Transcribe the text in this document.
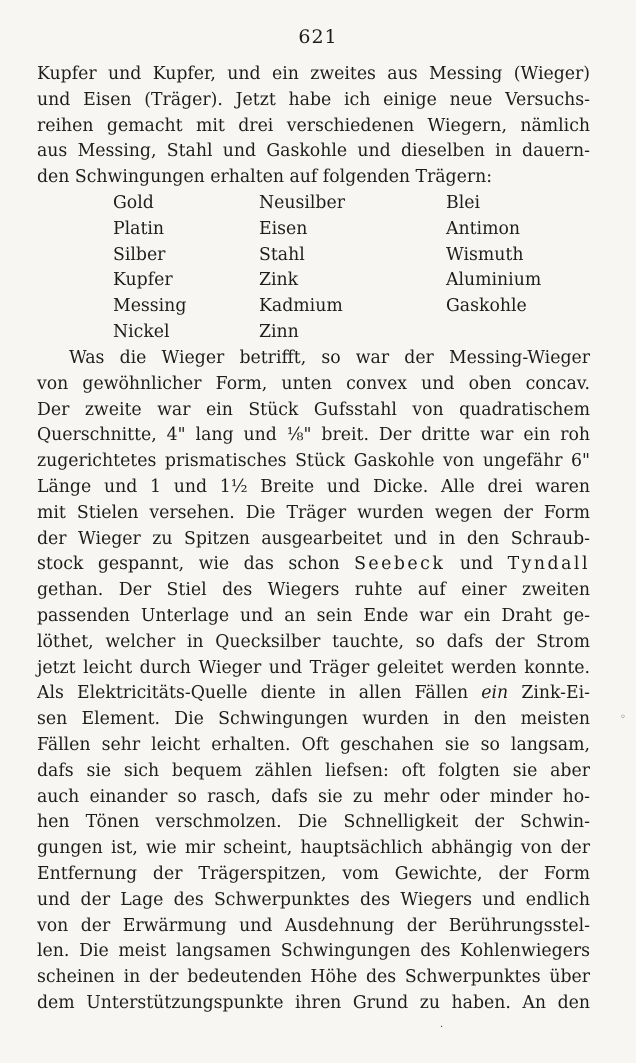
621
Kupfer und Kupfer, und ein zweites aus Messing (Wieger)
und Eisen (Träger). Jetzt habe ich einige neue Versuchs-
reihen gemacht mit drei verschiedenen Wiegern, nämlich
aus Messing, Stahl und Gaskohle und dieselben in dauern-
den Schwingungen erhalten auf folgenden Trägern:
Gold	Neusilber	Blei
Platin	Eisen	Antimon
Silber	Stahl	Wismuth
Kupfer	Zink	Aluminium
Messing	Kadmium	Gaskohle
Nickel	Zinn
Was die Wieger betrifft, so war der Messing-Wieger
von gewöhnlicher Form, unten convex und oben concav.
Der zweite war ein Stück Gufsstahl von quadratischem
Querschnitte, 4" lang und ⅛" breit. Der dritte war ein roh
zugerichtetes prismatisches Stück Gaskohle von ungefähr 6"
Länge und 1 und 1⅟₂ Breite und Dicke. Alle drei waren
mit Stielen versehen. Die Träger wurden wegen der Form
der Wieger zu Spitzen ausgearbeitet und in den Schraub-
stock gespannt, wie das schon Seebeck und Tyndall
gethan. Der Stiel des Wiegers ruhte auf einer zweiten
passenden Unterlage und an sein Ende war ein Draht ge-
löthet, welcher in Quecksilber tauchte, so dafs der Strom
jetzt leicht durch Wieger und Träger geleitet werden konnte.
Als Elektricitäts-Quelle diente in allen Fällen ein Zink-Ei-
sen Element. Die Schwingungen wurden in den meisten
Fällen sehr leicht erhalten. Oft geschahen sie so langsam,
dafs sie sich bequem zählen liefsen: oft folgten sie aber
auch einander so rasch, dafs sie zu mehr oder minder ho-
hen Tönen verschmolzen. Die Schnelligkeit der Schwin-
gungen ist, wie mir scheint, hauptsächlich abhängig von der
Entfernung der Trägerspitzen, vom Gewichte, der Form
und der Lage des Schwerpunktes des Wiegers und endlich
von der Erwärmung und Ausdehnung der Berührungsstel-
len. Die meist langsamen Schwingungen des Kohlenwiegers
scheinen in der bedeutenden Höhe des Schwerpunktes über
dem Unterstützungspunkte ihren Grund zu haben. An den
◦
·
